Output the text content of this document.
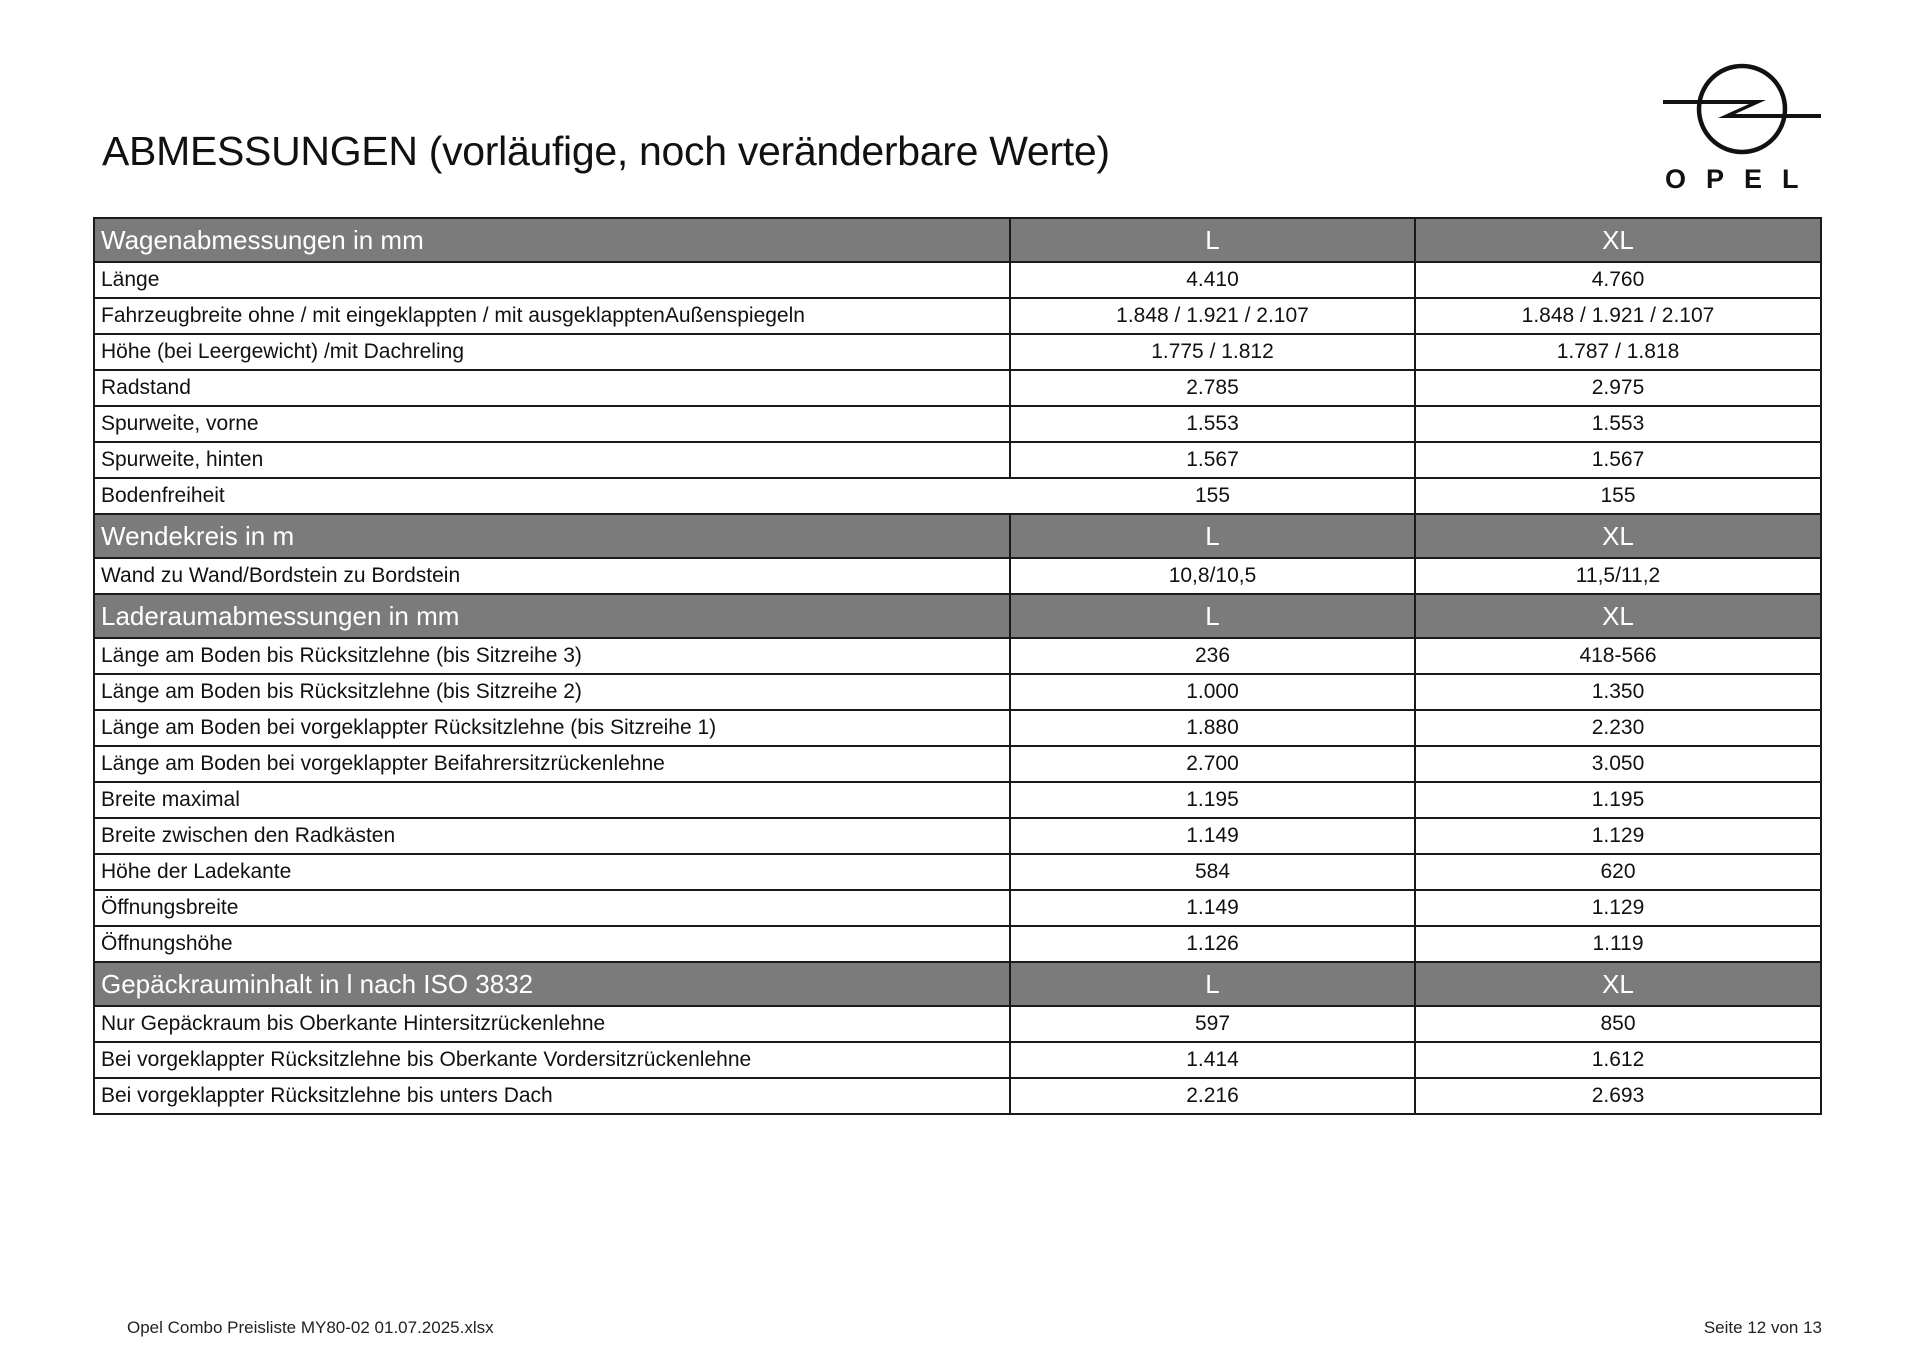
ABMESSUNGEN (vorläufige, noch veränderbare Werte)
OPEL
Wagenabmessungen in mm	L	XL
Länge	4.410	4.760
Fahrzeugbreite ohne / mit eingeklappten / mit ausgeklapptenAußenspiegeln	1.848 / 1.921 / 2.107	1.848 / 1.921 / 2.107
Höhe (bei Leergewicht) /mit Dachreling	1.775 / 1.812	1.787 / 1.818
Radstand	2.785	2.975
Spurweite, vorne	1.553	1.553
Spurweite, hinten	1.567	1.567
Bodenfreiheit	155	155
Wendekreis in m	L	XL
Wand zu Wand/Bordstein zu Bordstein	10,8/10,5	11,5/11,2
Laderaumabmessungen in mm	L	XL
Länge am Boden bis Rücksitzlehne (bis Sitzreihe 3)	236	418-566
Länge am Boden bis Rücksitzlehne (bis Sitzreihe 2)	1.000	1.350
Länge am Boden bei vorgeklappter Rücksitzlehne (bis Sitzreihe 1)	1.880	2.230
Länge am Boden bei vorgeklappter Beifahrersitzrückenlehne	2.700	3.050
Breite maximal	1.195	1.195
Breite zwischen den Radkästen	1.149	1.129
Höhe der Ladekante	584	620
Öffnungsbreite	1.149	1.129
Öffnungshöhe	1.126	1.119
Gepäckrauminhalt in l nach ISO 3832	L	XL
Nur Gepäckraum bis Oberkante Hintersitzrückenlehne	597	850
Bei vorgeklappter Rücksitzlehne bis Oberkante Vordersitzrückenlehne	1.414	1.612
Bei vorgeklappter Rücksitzlehne bis unters Dach	2.216	2.693
Opel Combo Preisliste MY80-02 01.07.2025.xlsx	Seite 12 von 13
